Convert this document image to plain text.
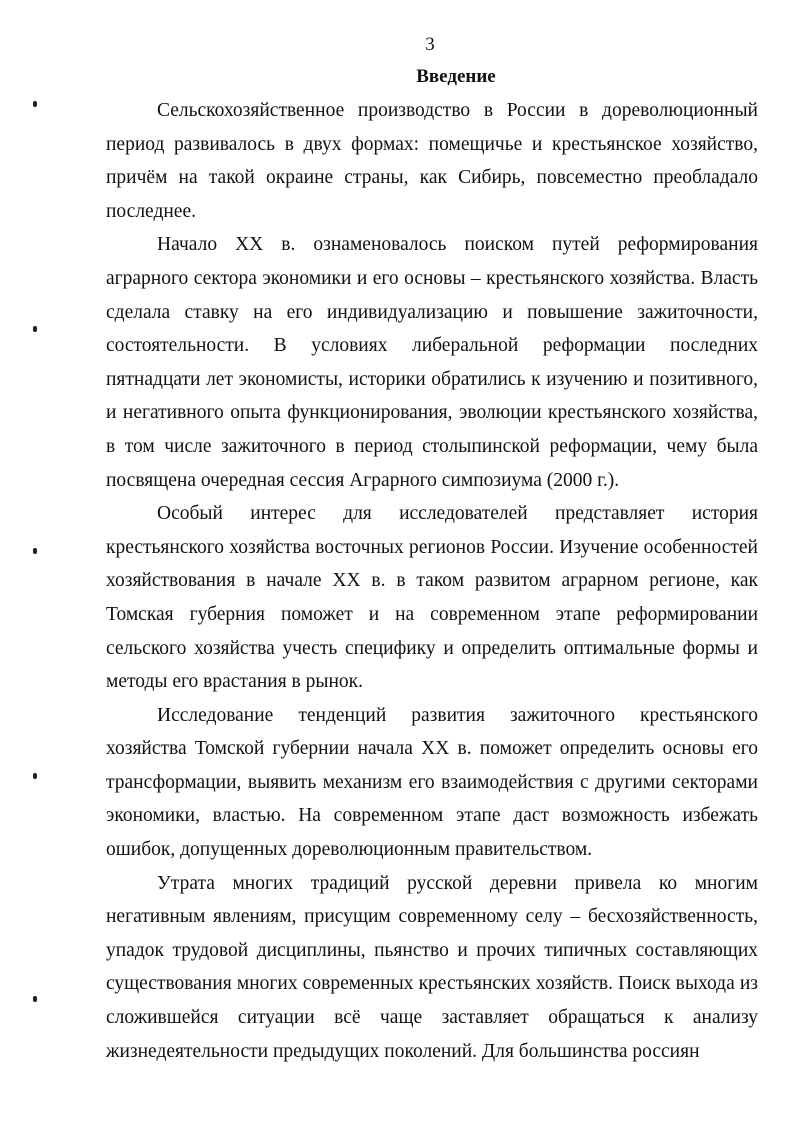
3
Введение

Сельскохозяйственное производство в России в дореволюционный период развивалось в двух формах: помещичье и крестьянское хозяйство, причём на такой окраине страны, как Сибирь, повсеместно преобладало последнее.

Начало XX в. ознаменовалось поиском путей реформирования аграрного сектора экономики и его основы – крестьянского хозяйства. Власть сделала ставку на его индивидуализацию и повышение зажиточности, состоятельности. В условиях либеральной реформации последних пятнадцати лет экономисты, историки обратились к изучению и позитивного, и негативного опыта функционирования, эволюции крестьянского хозяйства, в том числе зажиточного в период столыпинской реформации, чему была посвящена очередная сессия Аграрного симпозиума (2000 г.).

Особый интерес для исследователей представляет история крестьянского хозяйства восточных регионов России. Изучение особенностей хозяйствования в начале XX в. в таком развитом аграрном регионе, как Томская губерния поможет и на современном этапе реформировании сельского хозяйства учесть специфику и определить оптимальные формы и методы его врастания в рынок.

Исследование тенденций развития зажиточного крестьянского хозяйства Томской губернии начала XX в. поможет определить основы его трансформации, выявить механизм его взаимодействия с другими секторами экономики, властью. На современном этапе даст возможность избежать ошибок, допущенных дореволюционным правительством.

Утрата многих традиций русской деревни привела ко многим негативным явлениям, присущим современному селу – бесхозяйственность, упадок трудовой дисциплины, пьянство и прочих типичных составляющих существования многих современных крестьянских хозяйств. Поиск выхода из сложившейся ситуации всё чаще заставляет обращаться к анализу жизнедеятельности предыдущих поколений. Для большинства россиян
